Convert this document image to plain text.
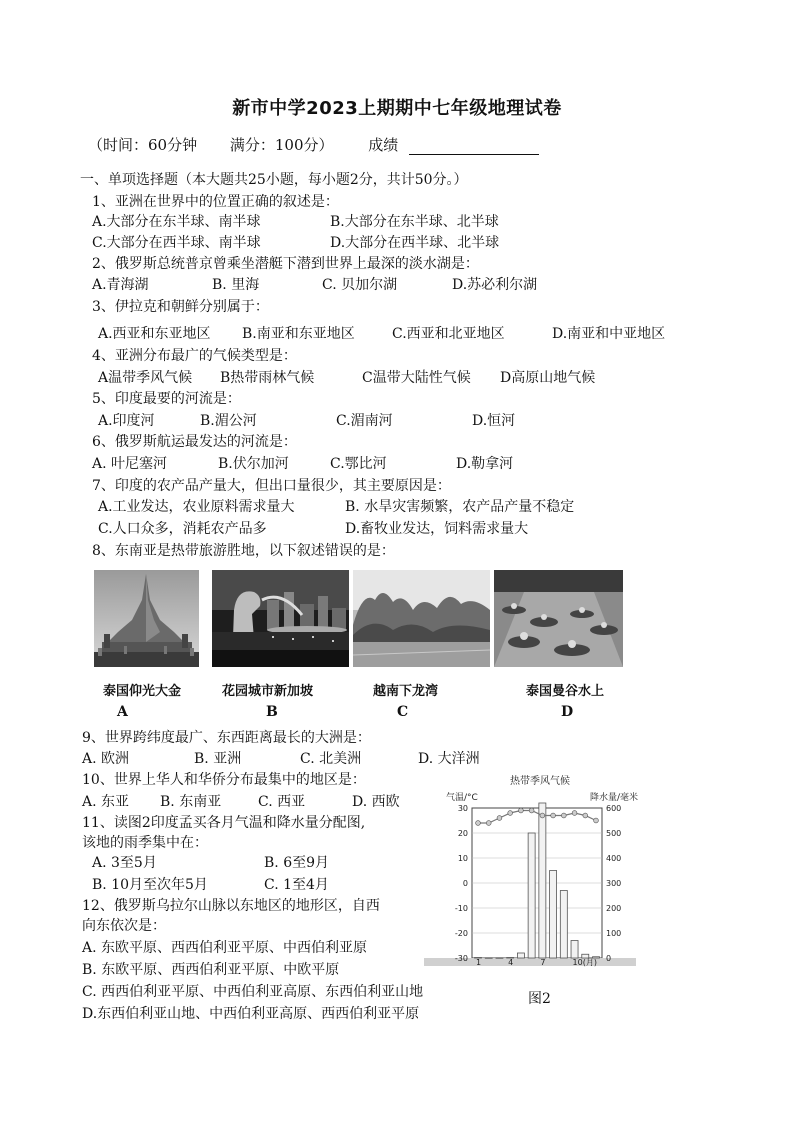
新市中学2023上期期中七年级地理试卷
（时间：60分钟 满分：100分） 成绩
一、单项选择题（本大题共25小题，每小题2分，共计50分。）
1、亚洲在世界中的位置正确的叙述是：
A.大部分在东半球、南半球	B.大部分在东半球、北半球
C.大部分在西半球、南半球	D.大部分在西半球、北半球
2、俄罗斯总统普京曾乘坐潜艇下潜到世界上最深的淡水湖是：
A.青海湖	B. 里海	C. 贝加尔湖	D.苏必利尔湖
3、伊拉克和朝鲜分别属于：
A.西亚和东亚地区 B.南亚和东亚地区	C.西亚和北亚地区	D.南亚和中亚地区
4、亚洲分布最广的气候类型是：
A温带季风气候 B热带雨林气候	C温带大陆性气候 D高原山地气候
5、印度最要的河流是：
A.印度河	B.湄公河	C.湄南河	D.恒河
6、俄罗斯航运最发达的河流是：
A. 叶尼塞河	B.伏尔加河	C.鄂比河	D.勒拿河
7、印度的农产品产量大，但出口量很少，其主要原因是：
A.工业发达，农业原料需求量大	B. 水旱灾害频繁，农产品产量不稳定
C.人口众多，消耗农产品多	D.畜牧业发达，饲料需求量大
8、东南亚是热带旅游胜地，以下叙述错误的是：
泰国仰光大金	花园城市新加坡	越南下龙湾	泰国曼谷水上
A	B	C	D
9、世界跨纬度最广、东西距离最长的大洲是：
A. 欧洲	B. 亚洲	C. 北美洲	D. 大洋洲
10、世界上华人和华侨分布最集中的地区是：
A. 东亚 B. 东南亚	C. 西亚	D. 西欧
11、读图2印度孟买各月气温和降水量分配图,
该地的雨季集中在：
A. 3至5月	B. 6至9月
B. 10月至次年5月	C. 1至4月
12、俄罗斯乌拉尔山脉以东地区的地形区，自西
向东依次是：
A. 东欧平原、西西伯利亚平原、中西伯利亚原
B. 东欧平原、西西伯利亚平原、中欧平原
C. 西西伯利亚平原、中西伯利亚高原、东西伯利亚山地
D.东西伯利亚山地、中西伯利亚高原、西西伯利亚平原
热带季风气候
气温/°C	降水量/毫米
30
20
10
0
-10
-20
-30
600
500
400
300
200
100
0
1	4	7	10(月)
图2
